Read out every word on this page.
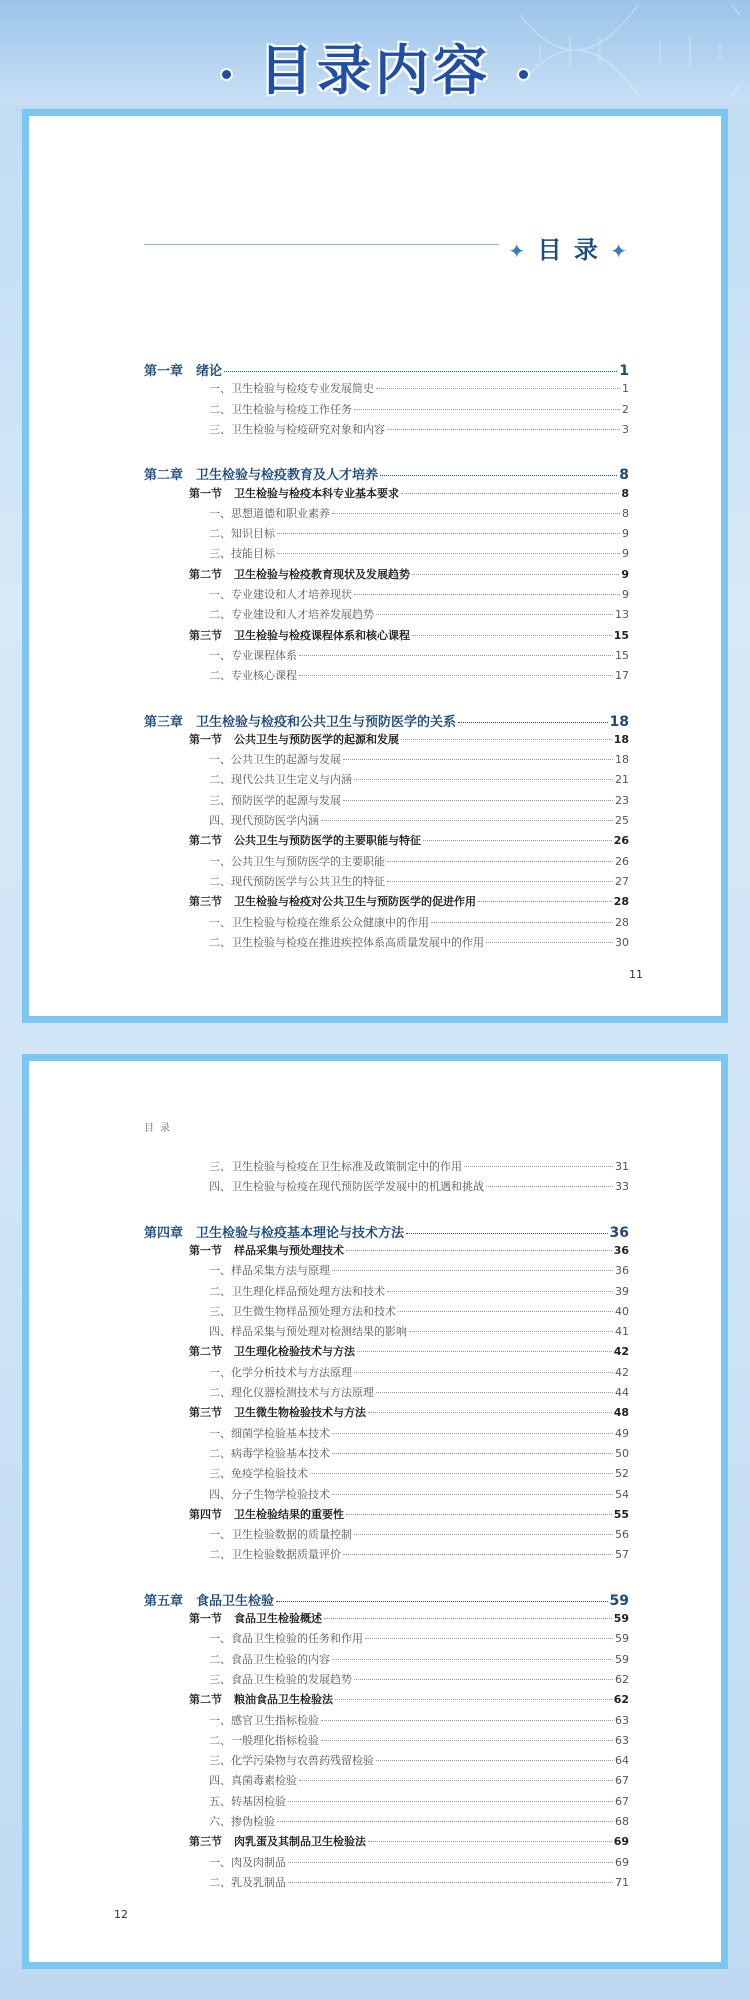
目录内容
✦ 目 录 ✦
第一章 绪论	1
一、卫生检验与检疫专业发展简史	1
二、卫生检验与检疫工作任务	2
三、卫生检验与检疫研究对象和内容	3
第二章 卫生检验与检疫教育及人才培养	8
第一节 卫生检验与检疫本科专业基本要求	8
一、思想道德和职业素养	8
二、知识目标	9
三、技能目标	9
第二节 卫生检验与检疫教育现状及发展趋势	9
一、专业建设和人才培养现状	9
二、专业建设和人才培养发展趋势	13
第三节 卫生检验与检疫课程体系和核心课程	15
一、专业课程体系	15
二、专业核心课程	17
第三章 卫生检验与检疫和公共卫生与预防医学的关系	18
第一节 公共卫生与预防医学的起源和发展	18
一、公共卫生的起源与发展	18
二、现代公共卫生定义与内涵	21
三、预防医学的起源与发展	23
四、现代预防医学内涵	25
第二节 公共卫生与预防医学的主要职能与特征	26
一、公共卫生与预防医学的主要职能	26
二、现代预防医学与公共卫生的特征	27
第三节 卫生检验与检疫对公共卫生与预防医学的促进作用	28
一、卫生检验与检疫在维系公众健康中的作用	28
二、卫生检验与检疫在推进疾控体系高质量发展中的作用	30
11
目录
三、卫生检验与检疫在卫生标准及政策制定中的作用	31
四、卫生检验与检疫在现代预防医学发展中的机遇和挑战	33
第四章 卫生检验与检疫基本理论与技术方法	36
第一节 样品采集与预处理技术	36
一、样品采集方法与原理	36
二、卫生理化样品预处理方法和技术	39
三、卫生微生物样品预处理方法和技术	40
四、样品采集与预处理对检测结果的影响	41
第二节 卫生理化检验技术与方法	42
一、化学分析技术与方法原理	42
二、理化仪器检测技术与方法原理	44
第三节 卫生微生物检验技术与方法	48
一、细菌学检验基本技术	49
二、病毒学检验基本技术	50
三、免疫学检验技术	52
四、分子生物学检验技术	54
第四节 卫生检验结果的重要性	55
一、卫生检验数据的质量控制	56
二、卫生检验数据质量评价	57
第五章 食品卫生检验	59
第一节 食品卫生检验概述	59
一、食品卫生检验的任务和作用	59
二、食品卫生检验的内容	59
三、食品卫生检验的发展趋势	62
第二节 粮油食品卫生检验法	62
一、感官卫生指标检验	63
二、一般理化指标检验	63
三、化学污染物与农兽药残留检验	64
四、真菌毒素检验	67
五、转基因检验	67
六、掺伪检验	68
第三节 肉乳蛋及其制品卫生检验法	69
一、肉及肉制品	69
二、乳及乳制品	71
12
